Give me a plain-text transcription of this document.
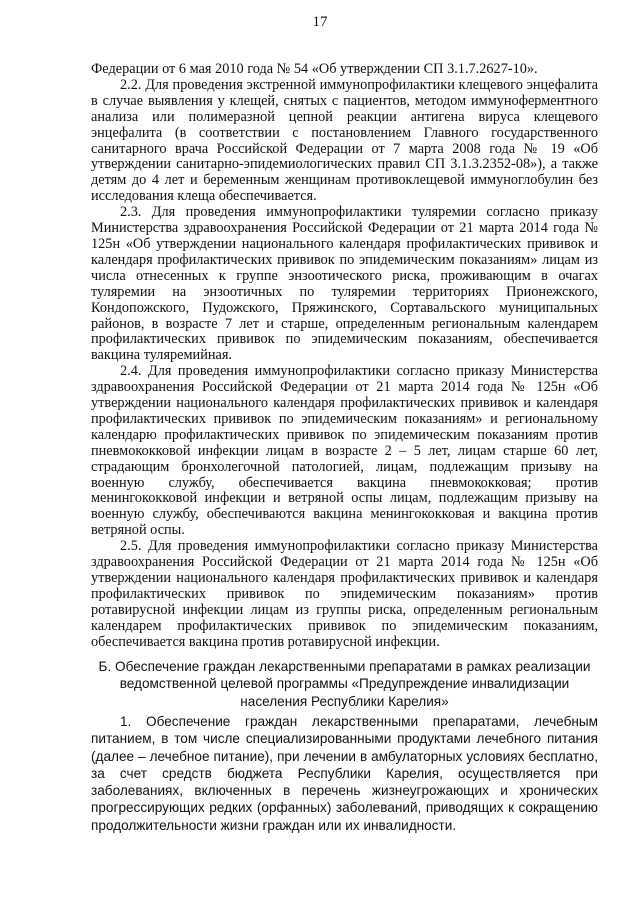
17

Федерации от 6 мая 2010 года № 54 «Об утверждении СП 3.1.7.2627-10».

2.2. Для проведения экстренной иммунопрофилактики клещевого энцефалита в случае выявления у клещей, снятых с пациентов, методом иммуноферментного анализа или полимеразной цепной реакции антигена вируса клещевого энцефалита (в соответствии с постановлением Главного государственного санитарного врача Российской Федерации от 7 марта 2008 года № 19 «Об утверждении санитарно-эпидемиологических правил СП 3.1.3.2352-08»), а также детям до 4 лет и беременным женщинам противоклещевой иммуноглобулин без исследования клеща обеспечивается.

2.3. Для проведения иммунопрофилактики туляремии согласно приказу Министерства здравоохранения Российской Федерации от 21 марта 2014 года № 125н «Об утверждении национального календаря профилактических прививок и календаря профилактических прививок по эпидемическим показаниям» лицам из числа отнесенных к группе энзоотического риска, проживающим в очагах туляремии на энзоотичных по туляремии территориях Прионежского, Кондопожского, Пудожского, Пряжинского, Сортавальского муниципальных районов, в возрасте 7 лет и старше, определенным региональным календарем профилактических прививок по эпидемическим показаниям, обеспечивается вакцина туляремийная.

2.4. Для проведения иммунопрофилактики согласно приказу Министерства здравоохранения Российской Федерации от 21 марта 2014 года № 125н «Об утверждении национального календаря профилактических прививок и календаря профилактических прививок по эпидемическим показаниям» и региональному календарю профилактических прививок по эпидемическим показаниям против пневмококковой инфекции лицам в возрасте 2 – 5 лет, лицам старше 60 лет, страдающим бронхолегочной патологией, лицам, подлежащим призыву на военную службу, обеспечивается вакцина пневмококковая; против менингококковой инфекции и ветряной оспы лицам, подлежащим призыву на военную службу, обеспечиваются вакцина менингококковая и вакцина против ветряной оспы.

2.5. Для проведения иммунопрофилактики согласно приказу Министерства здравоохранения Российской Федерации от 21 марта 2014 года № 125н «Об утверждении национального календаря профилактических прививок и календаря профилактических прививок по эпидемическим показаниям» против ротавирусной инфекции лицам из группы риска, определенным региональным календарем профилактических прививок по эпидемическим показаниям, обеспечивается вакцина против ротавирусной инфекции.

Б. Обеспечение граждан лекарственными препаратами в рамках реализации
ведомственной целевой программы «Предупреждение инвалидизации
населения Республики Карелия»

1. Обеспечение граждан лекарственными препаратами, лечебным питанием, в том числе специализированными продуктами лечебного питания (далее – лечебное питание), при лечении в амбулаторных условиях бесплатно, за счет средств бюджета Республики Карелия, осуществляется при заболеваниях, включенных в перечень жизнеугрожающих и хронических прогрессирующих редких (орфанных) заболеваний, приводящих к сокращению продолжительности жизни граждан или их инвалидности.
